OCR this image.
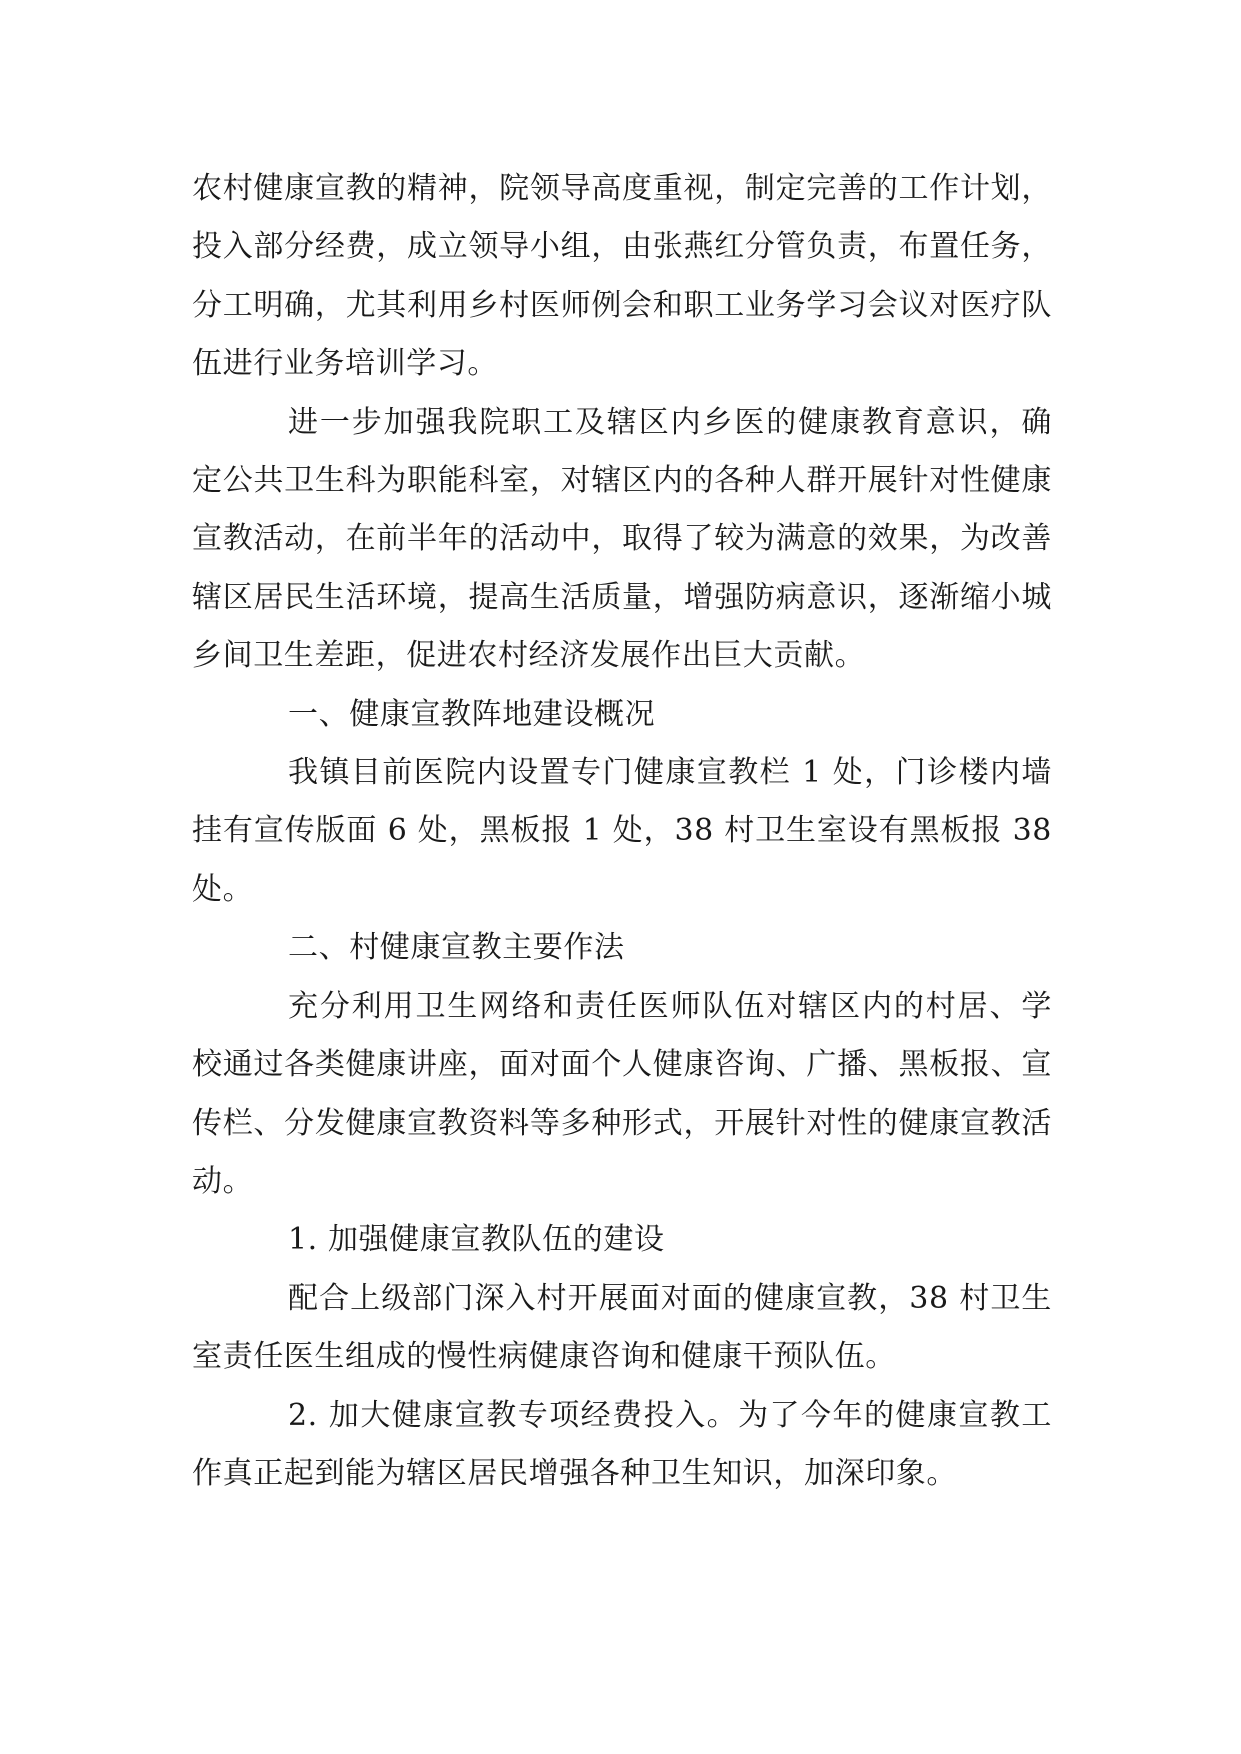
农村健康宣教的精神，院领导高度重视，制定完善的工作计划，投入部分经费，成立领导小组，由张燕红分管负责，布置任务，分工明确，尤其利用乡村医师例会和职工业务学习会议对医疗队伍进行业务培训学习。

进一步加强我院职工及辖区内乡医的健康教育意识，确定公共卫生科为职能科室，对辖区内的各种人群开展针对性健康宣教活动，在前半年的活动中，取得了较为满意的效果，为改善辖区居民生活环境，提高生活质量，增强防病意识，逐渐缩小城乡间卫生差距，促进农村经济发展作出巨大贡献。

一、健康宣教阵地建设概况

我镇目前医院内设置专门健康宣教栏 1 处，门诊楼内墙挂有宣传版面 6 处，黑板报 1 处，38 村卫生室设有黑板报 38 处。

二、村健康宣教主要作法

充分利用卫生网络和责任医师队伍对辖区内的村居、学校通过各类健康讲座，面对面个人健康咨询、广播、黑板报、宣传栏、分发健康宣教资料等多种形式，开展针对性的健康宣教活动。

1. 加强健康宣教队伍的建设

配合上级部门深入村开展面对面的健康宣教，38 村卫生室责任医生组成的慢性病健康咨询和健康干预队伍。

2. 加大健康宣教专项经费投入。为了今年的健康宣教工作真正起到能为辖区居民增强各种卫生知识，加深印象。
